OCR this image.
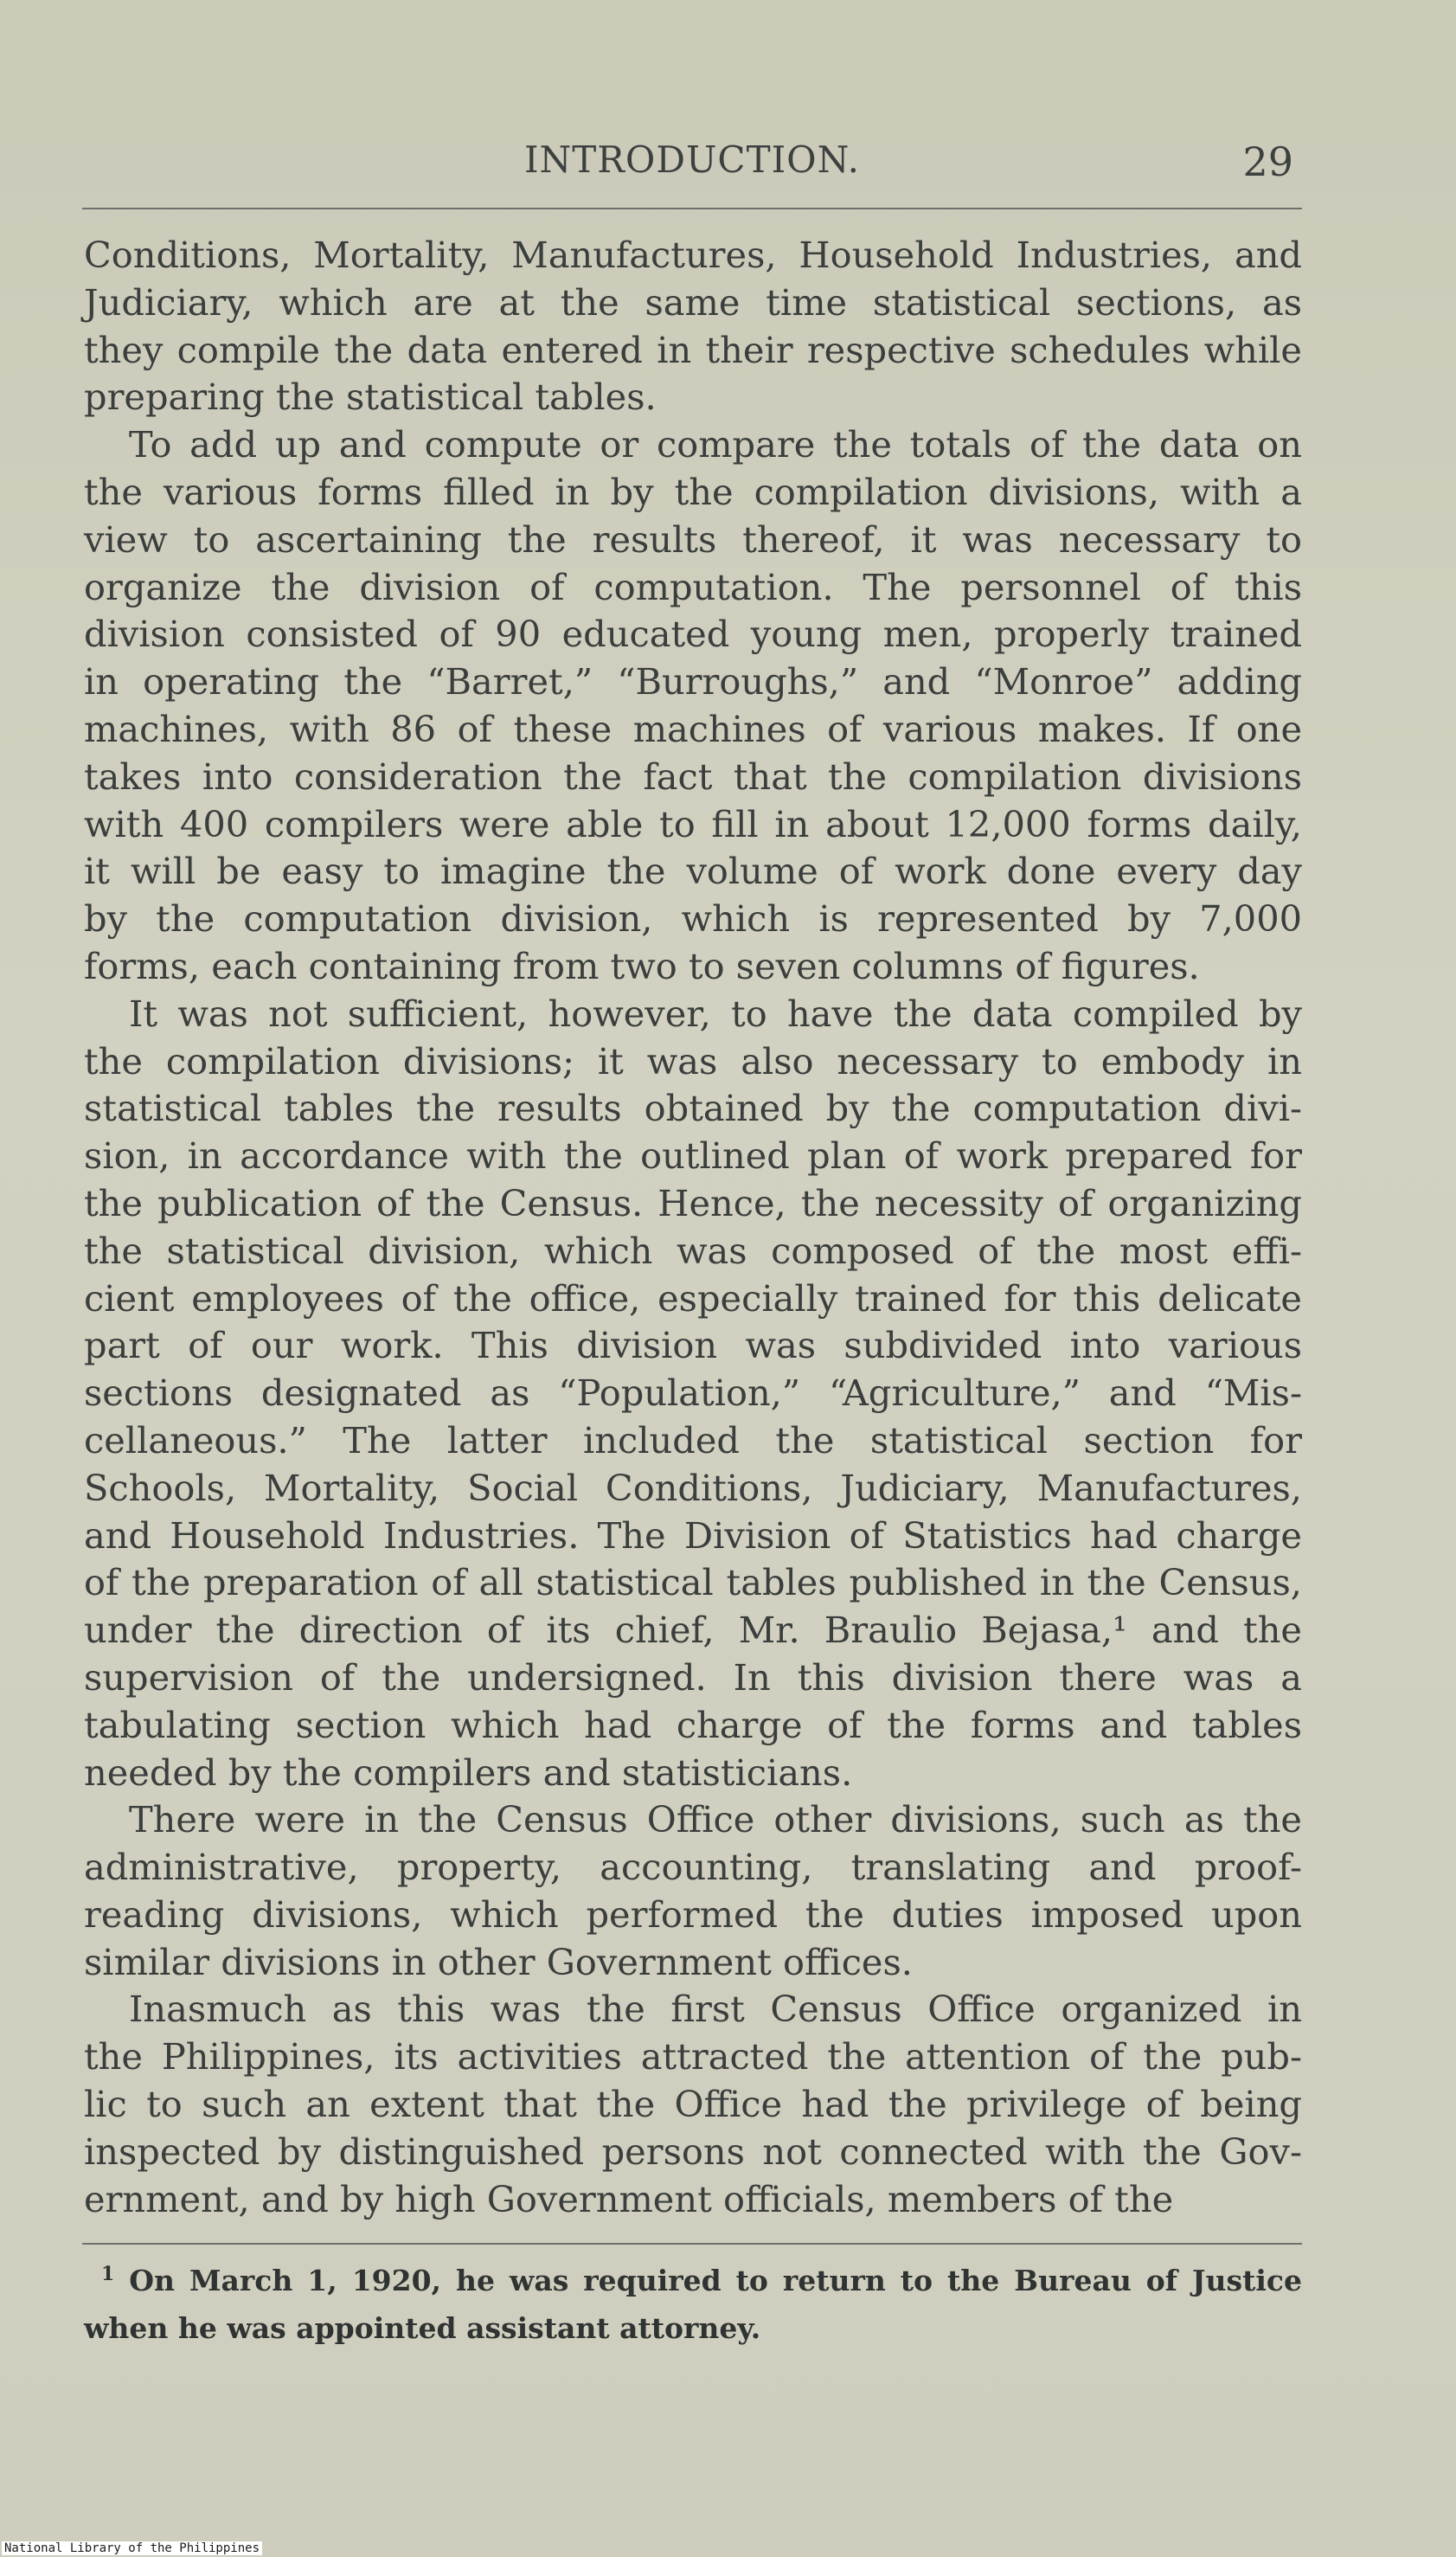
INTRODUCTION.	29
Conditions, Mortality, Manufactures, Household Industries, and
Judiciary, which are at the same time statistical sections, as
they compile the data entered in their respective schedules while
preparing the statistical tables.
To add up and compute or compare the totals of the data on
the various forms filled in by the compilation divisions, with a
view to ascertaining the results thereof, it was necessary to
organize the division of computation. The personnel of this
division consisted of 90 educated young men, properly trained
in operating the “Barret,” “Burroughs,” and “Monroe” adding
machines, with 86 of these machines of various makes. If one
takes into consideration the fact that the compilation divisions
with 400 compilers were able to fill in about 12,000 forms daily,
it will be easy to imagine the volume of work done every day
by the computation division, which is represented by 7,000
forms, each containing from two to seven columns of figures.
It was not sufficient, however, to have the data compiled by
the compilation divisions; it was also necessary to embody in
statistical tables the results obtained by the computation divi-
sion, in accordance with the outlined plan of work prepared for
the publication of the Census. Hence, the necessity of organizing
the statistical division, which was composed of the most effi-
cient employees of the office, especially trained for this delicate
part of our work. This division was subdivided into various
sections designated as “Population,” “Agriculture,” and “Mis-
cellaneous.” The latter included the statistical section for
Schools, Mortality, Social Conditions, Judiciary, Manufactures,
and Household Industries. The Division of Statistics had charge
of the preparation of all statistical tables published in the Census,
under the direction of its chief, Mr. Braulio Bejasa,¹ and the
supervision of the undersigned. In this division there was a
tabulating section which had charge of the forms and tables
needed by the compilers and statisticians.
There were in the Census Office other divisions, such as the
administrative, property, accounting, translating and proof-
reading divisions, which performed the duties imposed upon
similar divisions in other Government offices.
Inasmuch as this was the first Census Office organized in
the Philippines, its activities attracted the attention of the pub-
lic to such an extent that the Office had the privilege of being
inspected by distinguished persons not connected with the Gov-
ernment, and by high Government officials, members of the
$^1$ On March 1, 1920, he was required to return to the Bureau of Justice
when he was appointed assistant attorney.
National Library of the Philippines
